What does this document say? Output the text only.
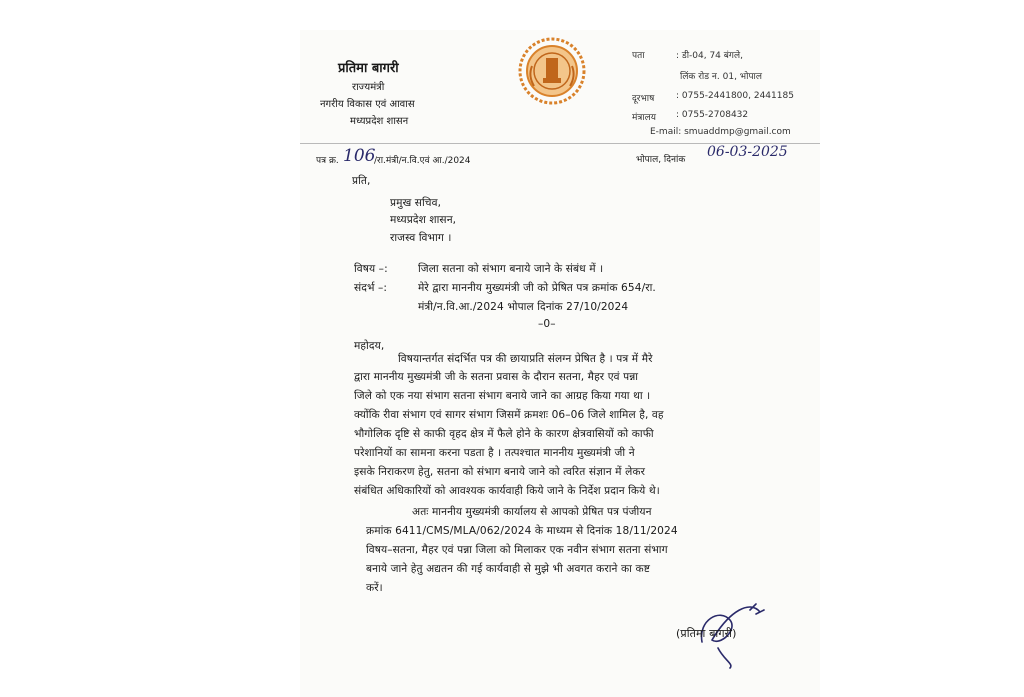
प्रतिमा बागरी
राज्यमंत्री
नगरीय विकास एवं आवास
मध्यप्रदेश शासन
पता	: डी-04, 74 बंगले,
लिंक रोड न. 01, भोपाल
दूरभाष : 0755-2441800, 2441185
मंत्रालय : 0755-2708432
E-mail: smuaddmp@gmail.com
पत्र क्र. 106
/रा.मंत्री/न.वि.एवं आ./2024	भोपाल, दिनांक 06-03-2025
प्रति,
प्रमुख सचिव,
मध्यप्रदेश शासन,
राजस्व विभाग ।
विषय –:	जिला सतना को संभाग बनाये जाने के संबंध में ।
संदर्भ –:	मेरे द्वारा माननीय मुख्यमंत्री जी को प्रेषित पत्र क्रमांक 654/रा.
मंत्री/न.वि.आ./2024 भोपाल दिनांक 27/10/2024
–0–
महोदय,
विषयान्तर्गत संदर्भित पत्र की छायाप्रति संलग्न प्रेषित है । पत्र में मैरे
द्वारा माननीय मुख्यमंत्री जी के सतना प्रवास के दौरान सतना, मैहर एवं पन्ना
जिले को एक नया संभाग सतना संभाग बनाये जाने का आग्रह किया गया था ।
क्योंकि रीवा संभाग एवं सागर संभाग जिसमें क्रमशः 06–06 जिले शामिल है, वह
भौगोलिक दृष्टि से काफी वृहद क्षेत्र में फैले होने के कारण क्षेत्रवासियों को काफी
परेशानियों का सामना करना पडता है । तत्पश्चात माननीय मुख्यमंत्री जी ने
इसके निराकरण हेतु, सतना को संभाग बनाये जाने को त्वरित संज्ञान में लेकर
संबंधित अधिकारियों को आवश्यक कार्यवाही किये जाने के निर्देश प्रदान किये थे।
अतः माननीय मुख्यमंत्री कार्यालय से आपको प्रेषित पत्र पंजीयन
क्रमांक 6411/CMS/MLA/062/2024 के माध्यम से दिनांक 18/11/2024
विषय–सतना, मैहर एवं पन्ना जिला को मिलाकर एक नवीन संभाग सतना संभाग
बनाये जाने हेतु अद्यतन की गई कार्यवाही से मुझे भी अवगत कराने का कष्ट
करें।
(प्रतिमा बागरी)
